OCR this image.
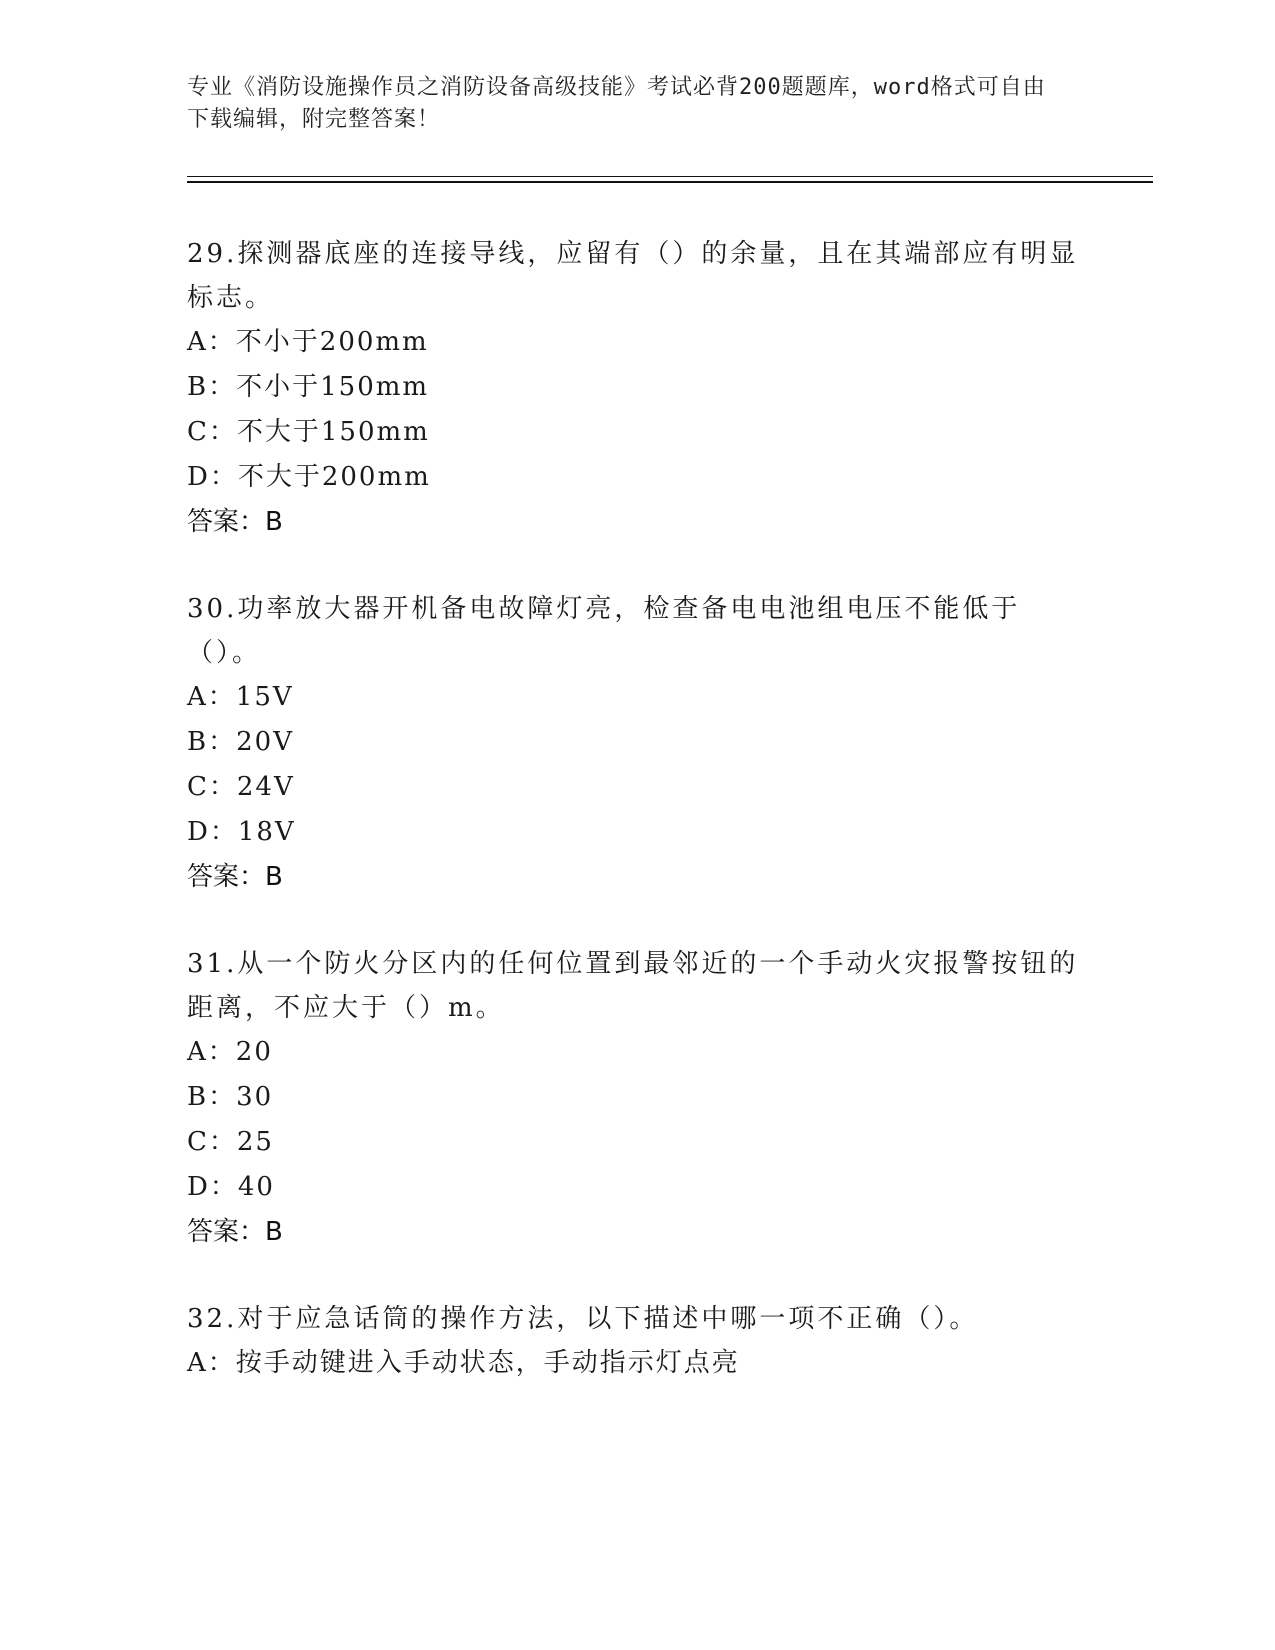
专业《消防设施操作员之消防设备高级技能》考试必背200题题库，word格式可自由下载编辑，附完整答案！

29.探测器底座的连接导线，应留有（）的余量，且在其端部应有明显标志。

A：不小于200mm

B：不小于150mm

C：不大于150mm

D：不大于200mm

答案：B

30.功率放大器开机备电故障灯亮，检查备电电池组电压不能低于（）。

A：15V

B：20V

C：24V

D：18V

答案：B

31.从一个防火分区内的任何位置到最邻近的一个手动火灾报警按钮的距离，不应大于（）m。

A：20

B：30

C：25

D：40

答案：B

32.对于应急话筒的操作方法，以下描述中哪一项不正确（）。

A：按手动键进入手动状态，手动指示灯点亮
